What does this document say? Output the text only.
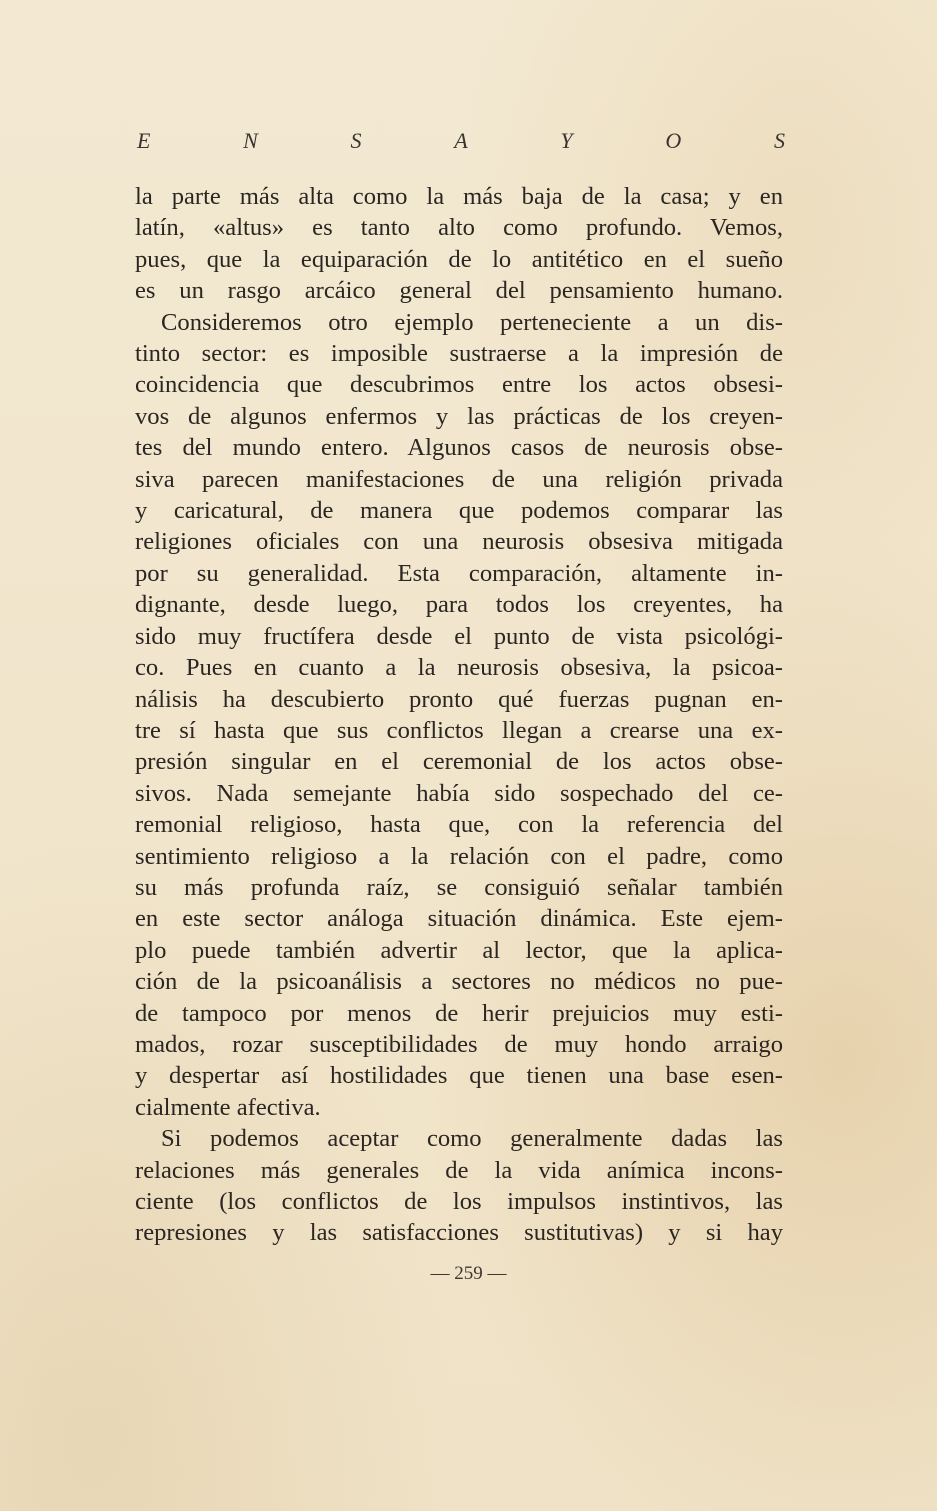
E	N	S	A	Y	O	S

la parte más alta como la más baja de la casa; y en
latín, «altus» es tanto alto como profundo. Vemos,
pues, que la equiparación de lo antitético en el sueño
es un rasgo arcáico general del pensamiento humano.

Consideremos otro ejemplo perteneciente a un dis-
tinto sector: es imposible sustraerse a la impresión de
coincidencia que descubrimos entre los actos obsesi-
vos de algunos enfermos y las prácticas de los creyen-
tes del mundo entero. Algunos casos de neurosis obse-
siva parecen manifestaciones de una religión privada
y caricatural, de manera que podemos comparar las
religiones oficiales con una neurosis obsesiva mitigada
por su generalidad. Esta comparación, altamente in-
dignante, desde luego, para todos los creyentes, ha
sido muy fructífera desde el punto de vista psicológi-
co. Pues en cuanto a la neurosis obsesiva, la psicoa-
nálisis ha descubierto pronto qué fuerzas pugnan en-
tre sí hasta que sus conflictos llegan a crearse una ex-
presión singular en el ceremonial de los actos obse-
sivos. Nada semejante había sido sospechado del ce-
remonial religioso, hasta que, con la referencia del
sentimiento religioso a la relación con el padre, como
su más profunda raíz, se consiguió señalar también
en este sector análoga situación dinámica. Este ejem-
plo puede también advertir al lector, que la aplica-
ción de la psicoanálisis a sectores no médicos no pue-
de tampoco por menos de herir prejuicios muy esti-
mados, rozar susceptibilidades de muy hondo arraigo
y despertar así hostilidades que tienen una base esen-
cialmente afectiva.

Si podemos aceptar como generalmente dadas las
relaciones más generales de la vida anímica incons-
ciente (los conflictos de los impulsos instintivos, las
represiones y las satisfacciones sustitutivas) y si hay

— 259 —
